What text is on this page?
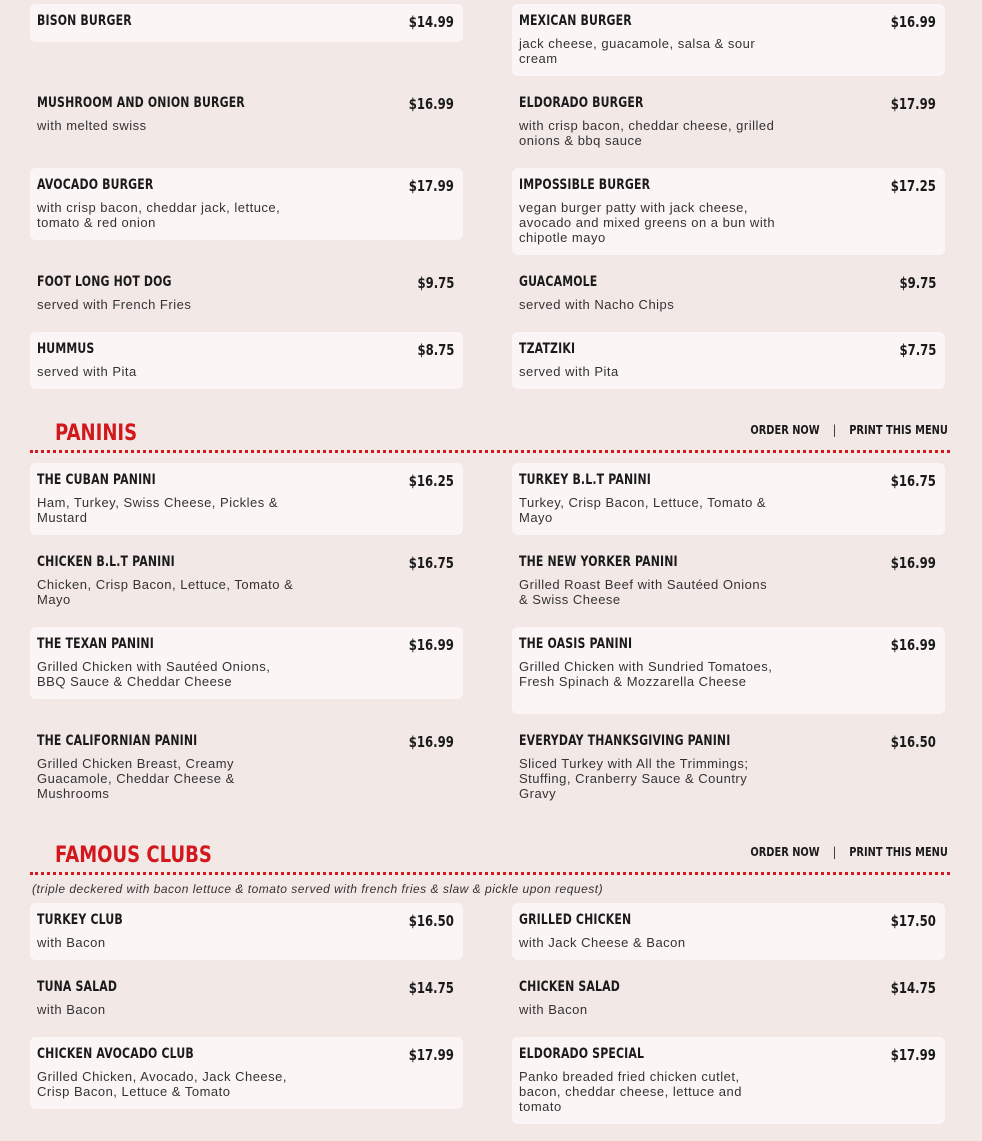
BISON BURGER	$14.99	MEXICAN BURGER	$16.99
jack cheese, guacamole, salsa & sour cream
MUSHROOM AND ONION BURGER	$16.99
with melted swiss
ELDORADO BURGER	$17.99
with crisp bacon, cheddar cheese, grilled onions & bbq sauce
AVOCADO BURGER	$17.99
with crisp bacon, cheddar jack, lettuce, tomato & red onion
IMPOSSIBLE BURGER	$17.25
vegan burger patty with jack cheese, avocado and mixed greens on a bun with chipotle mayo
FOOT LONG HOT DOG	$9.75
served with French Fries
GUACAMOLE	$9.75
served with Nacho Chips
HUMMUS	$8.75
served with Pita
TZATZIKI	$7.75
served with Pita
PANINIS	ORDER NOW | PRINT THIS MENU
THE CUBAN PANINI	$16.25
Ham, Turkey, Swiss Cheese, Pickles & Mustard
TURKEY B.L.T PANINI	$16.75
Turkey, Crisp Bacon, Lettuce, Tomato & Mayo
CHICKEN B.L.T PANINI	$16.75
Chicken, Crisp Bacon, Lettuce, Tomato & Mayo
THE NEW YORKER PANINI	$16.99
Grilled Roast Beef with Sautéed Onions & Swiss Cheese
THE TEXAN PANINI	$16.99
Grilled Chicken with Sautéed Onions, BBQ Sauce & Cheddar Cheese
THE OASIS PANINI	$16.99
Grilled Chicken with Sundried Tomatoes, Fresh Spinach & Mozzarella Cheese
THE CALIFORNIAN PANINI	$16.99
Grilled Chicken Breast, Creamy Guacamole, Cheddar Cheese & Mushrooms
EVERYDAY THANKSGIVING PANINI	$16.50
Sliced Turkey with All the Trimmings; Stuffing, Cranberry Sauce & Country Gravy
FAMOUS CLUBS	ORDER NOW | PRINT THIS MENU
(triple deckered with bacon lettuce & tomato served with french fries & slaw & pickle upon request)
TURKEY CLUB	$16.50
with Bacon
GRILLED CHICKEN	$17.50
with Jack Cheese & Bacon
TUNA SALAD	$14.75
with Bacon
CHICKEN SALAD	$14.75
with Bacon
CHICKEN AVOCADO CLUB	$17.99
Grilled Chicken, Avocado, Jack Cheese, Crisp Bacon, Lettuce & Tomato
ELDORADO SPECIAL	$17.99
Panko breaded fried chicken cutlet, bacon, cheddar cheese, lettuce and tomato
